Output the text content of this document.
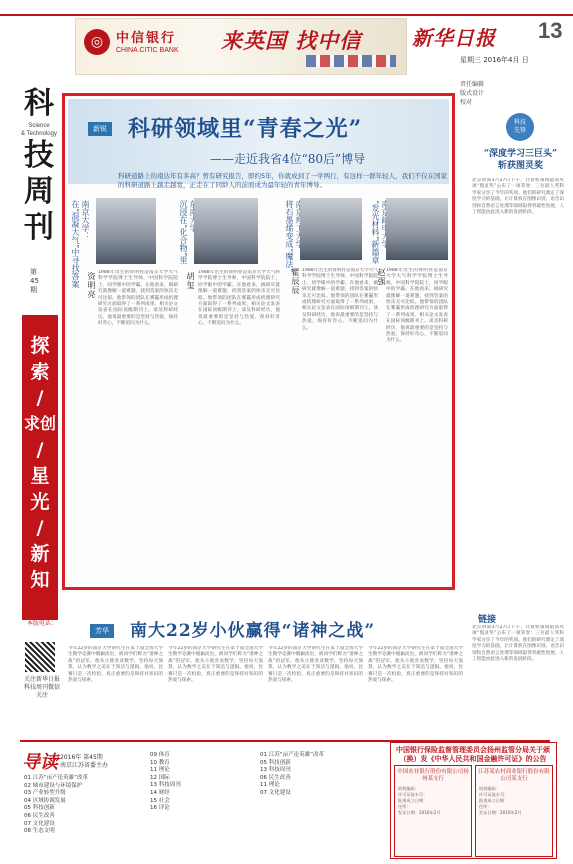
◎ 中信银行
CHINA CITIC BANK 来英国 找中信	新华日报 13
星期三 2016年4月 日
责任编辑
版式设计
校对
科
Science
& Technology
技
周
刊
第45期
探索
/
求创
/
星光
/
新知
本版电话：
关注新华日报科技周刊微信关注
新锐 科研领域里“青春之光”
——走近我省4位“80后”博导
科研道路上的南达年有多高？曾有研究报告，即约5年，你就成到了一学两行，有这样一群年轻人，我们不仅在国家的科研道路上越走越宽，正走在了同龄人的前面成为最年轻的青年博导。
南京大学：
在“混凝大气”中寻找答案 资明亮 1988年出生的资明亮是南京大学大气科学学院博士生导师，中国科学院院士，同学眼中的学霸。在他看来，搞研究就像解一道难题，找到答案的快乐无可比拟。他带领的团队在雾霾形成机理研究方面取得了一系列成果，相关论文发表在国际顶级期刊上。谈及科研经历，他说最重要的是坚持与热爱，保持好奇心，不断追问为什么。

沉浸在“化合物”里
胡玺 1988年出生的资明亮是南京大学大气科学学院博士生导师，中国科学院院士，同学眼中的学霸。在他看来，搞研究就像解一道难题，找到答案的快乐无可比拟。他带领的团队在雾霾形成机理研究方面取得了一系列成果，相关论文发表在国际顶级期刊上。谈及科研经历，他说最重要的是坚持与热爱，保持好奇心，不断追问为什么。

将石墨烯变成“魔法”
瞿辰辰 1988年出生的资明亮是南京大学大气科学学院博士生导师，中国科学院院士，同学眼中的学霸。在他看来，搞研究就像解一道难题，找到答案的快乐无可比拟。他带领的团队在雾霾形成机理研究方面取得了一系列成果，相关论文发表在国际顶级期刊上。谈及科研经历，他说最重要的是坚持与热爱，保持好奇心，不断追问为什么。

“发光材料”新篇章
赵强 1988年出生的资明亮是南京大学大气科学学院博士生导师，中国科学院院士，同学眼中的学霸。在他看来，搞研究就像解一道难题，找到答案的快乐无可比拟。他带领的团队在雾霾形成机理研究方面取得了一系列成果，相关论文发表在国际顶级期刊上。谈及科研经历，他说最重要的是坚持与热爱，保持好奇心，不断追问为什么。
科技
先锋
“深度学习三巨头”
斩获图灵奖
北京时间3月27日下午，计算机领域最高奖项“图灵奖”公布了一项荣誉：三位最人奖科学家分享了今年的奖项。他们的研究奠定了深度学习的基础，让计算机在图像识别、语音识别和自然语言处理等领域取得突破性进展，人工智能由此进入新的发展阶段。
链接
北京时间3月27日下午，计算机领域最高奖项“图灵奖”公布了一项荣誉：三位最人奖科学家分享了今年的奖项。他们的研究奠定了深度学习的基础，让计算机在图像识别、语音识别和自然语言处理等领域取得突破性进展，人工智能由此进入新的发展阶段。
芳华 南大22岁小伙赢得“诸神之战”
今年22岁的南京大学研究生在第十届全国大学生数学竞赛中脱颖而出，被同学们称为“诸神之战”的冠军。他从小就喜欢数学，坚持每天演算，认为数学之美在于简洁与逻辑。他说，比赛只是一次检验，真正重要的是保持对知识的热爱与探索。
今年22岁的南京大学研究生在第十届全国大学生数学竞赛中脱颖而出，被同学们称为“诸神之战”的冠军。他从小就喜欢数学，坚持每天演算，认为数学之美在于简洁与逻辑。他说，比赛只是一次检验，真正重要的是保持对知识的热爱与探索。
今年22岁的南京大学研究生在第十届全国大学生数学竞赛中脱颖而出，被同学们称为“诸神之战”的冠军。他从小就喜欢数学，坚持每天演算，认为数学之美在于简洁与逻辑。他说，比赛只是一次检验，真正重要的是保持对知识的热爱与探索。
今年22岁的南京大学研究生在第十届全国大学生数学竞赛中脱颖而出，被同学们称为“诸神之战”的冠军。他从小就喜欢数学，坚持每天演算，认为数学之美在于简洁与逻辑。他说，比赛只是一次检验，真正重要的是保持对知识的热爱与探索。
导读 2016年 第45期
南京江苏省委主办
01 江苏“亩产论英雄”改革
02 城市建设与环境保护
03 产业转型升级
04 区域协调发展
05 科技创新
06 民生改善
07 文化建设
08 生态文明
09 体育
10 教育
11 理论
12 国际
13 科技周刊
14 财经
15 社会
16 评论
01 江苏“亩产论英雄”改革
05 科技创新
13 科技周刊
06 民生改善
11 理论
07 文化建设
中国银行保险监督管理委员会扬州监管分局关于颁（换）发《中华人民共和国金融许可证》的公告
中国农业银行股份有限公司扬州某支行
机构编码：
许可证流水号：
批准成立日期：
住所：
发证日期：2016年2月
江苏某农村商业银行股份有限公司某支行
机构编码：
许可证流水号：
批准成立日期：
住所：
发证日期：2016年2月
